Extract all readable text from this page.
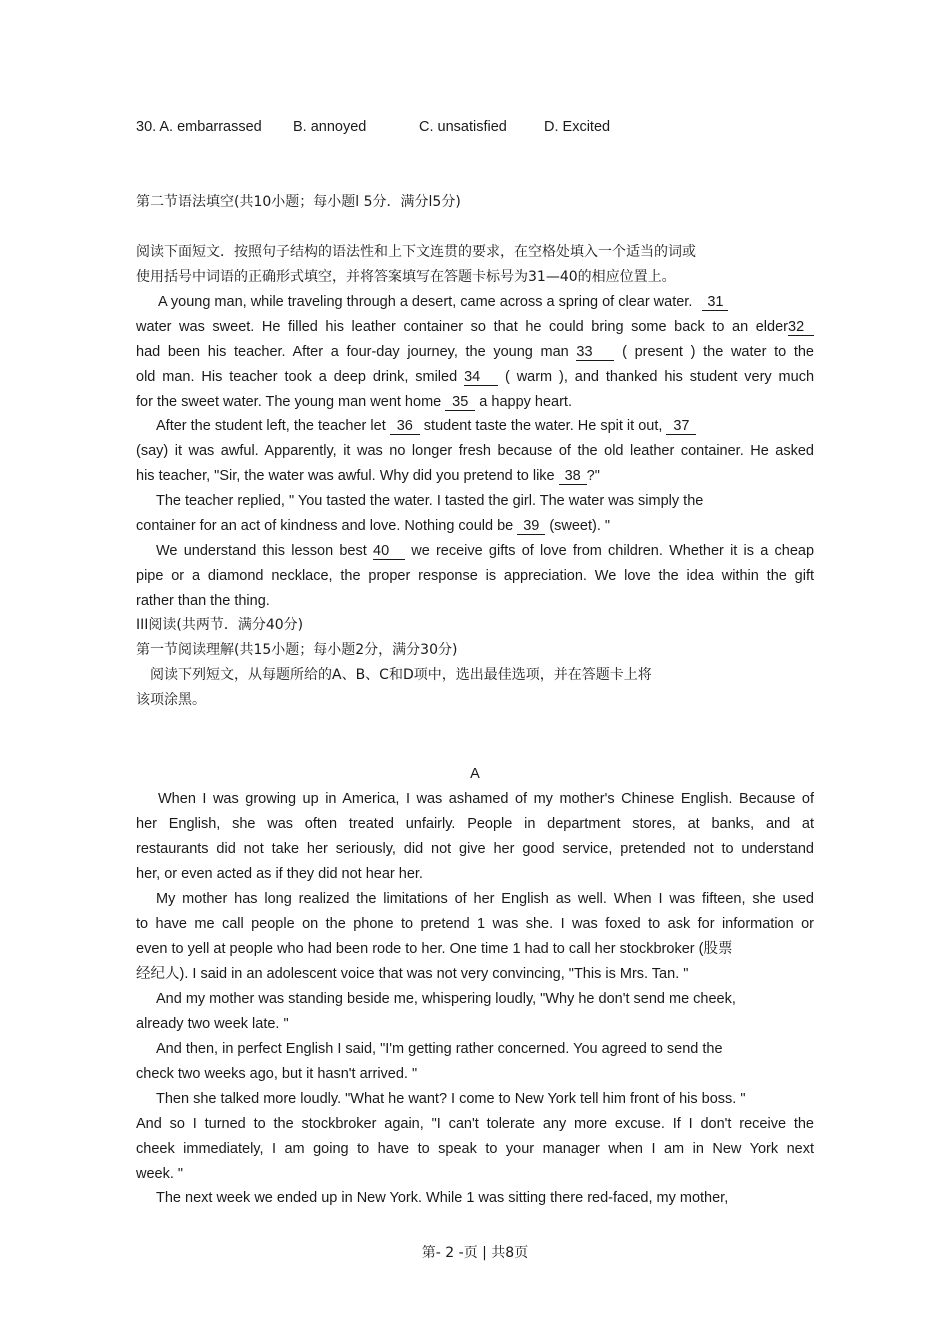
30. A. embarrassed B. annoyed	C. unsatisfied	D. Excited
第二节语法填空(共10小题；每小题l 5分．满分l5分)
阅读下面短文．按照句子结构的语法性和上下文连贯的要求，在空格处填入一个适当的词或
使用括号中词语的正确形式填空，并将答案填写在答题卡标号为31—40的相应位置上。
A young man, while traveling through a desert, came across a spring of clear water. 31
water was sweet. He filled his leather container so that he could bring some back to an elder32
had been his teacher. After a four-day journey, the young man 33 ( present ) the water to the
old man. His teacher took a deep drink, smiled 34 ( warm ), and thanked his student very much
for the sweet water. The young man went home 35 a happy heart.
After the student left, the teacher let 36 student taste the water. He spit it out, 37
(say) it was awful. Apparently, it was no longer fresh because of the old leather container. He asked
his teacher, "Sir, the water was awful. Why did you pretend to like 38 ?"
The teacher replied, " You tasted the water. I tasted the girl. The water was simply the
container for an act of kindness and love. Nothing could be 39 (sweet). "
We understand this lesson best 40 we receive gifts of love from children. Whether it is a cheap
pipe or a diamond necklace, the proper response is appreciation. We love the idea within the gift
rather than the thing.
III阅读(共两节．满分40分)
第一节阅读理解(共15小题；每小题2分，满分30分)
阅读下列短文，从每题所给的A、B、C和D项中，选出最佳选项，并在答题卡上将
该项涂黑。
A
When I was growing up in America, I was ashamed of my mother's Chinese English. Because of
her English, she was often treated unfairly. People in department stores, at banks, and at
restaurants did not take her seriously, did not give her good service, pretended not to understand
her, or even acted as if they did not hear her.
My mother has long realized the limitations of her English as well. When I was fifteen, she used
to have me call people on the phone to pretend 1 was she. I was foxed to ask for information or
even to yell at people who had been rode to her. One time 1 had to call her stockbroker (股票
经纪人). I said in an adolescent voice that was not very convincing, "This is Mrs. Tan. "
And my mother was standing beside me, whispering loudly, "Why he don't send me cheek,
already two week late. "
And then, in perfect English I said, "I'm getting rather concerned. You agreed to send the
check two weeks ago, but it hasn't arrived. "
Then she talked more loudly. "What he want? I come to New York tell him front of his boss. "
And so I turned to the stockbroker again, "I can't tolerate any more excuse. If I don't receive the
cheek immediately, I am going to have to speak to your manager when I am in New York next
week. "
The next week we ended up in New York. While 1 was sitting there red-faced, my mother,
第- 2 -页 | 共8页
